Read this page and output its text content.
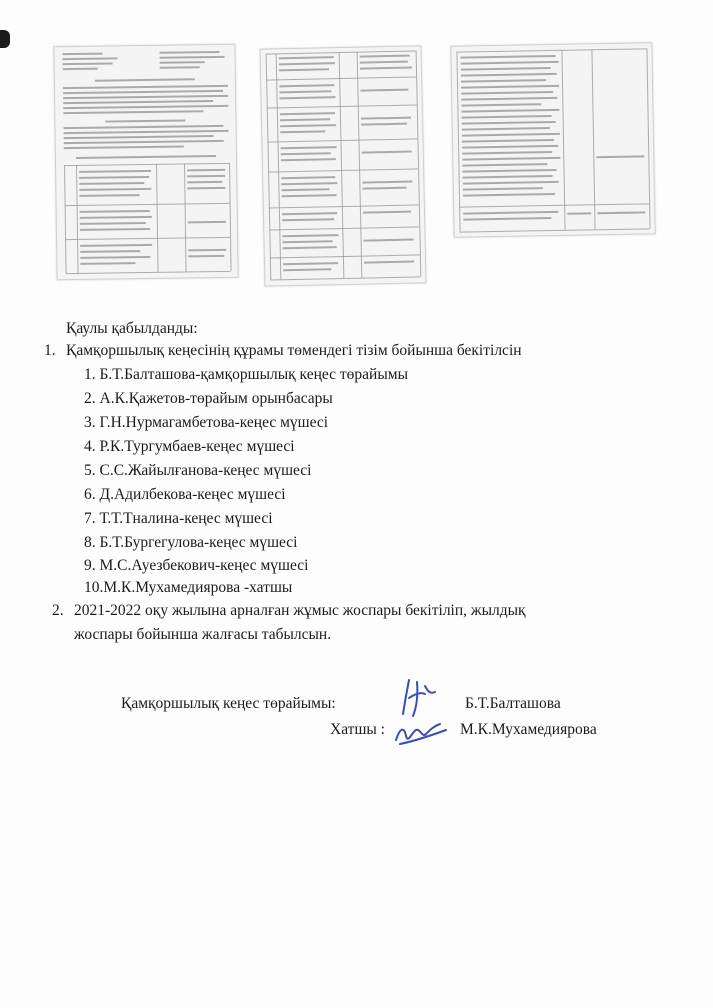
Қаулы қабылданды:
1. Қамқоршылық кеңесінің құрамы төмендегі тізім бойынша бекітілсін
1. Б.Т.Балташова-қамқоршылық кеңес төрайымы
2. А.К.Қажетов-төрайым орынбасары
3. Г.Н.Нурмагамбетова-кеңес мүшесі
4. Р.К.Тургумбаев-кеңес мүшесі
5. С.С.Жайылғанова-кеңес мүшесі
6. Д.Адилбекова-кеңес мүшесі
7. Т.Т.Тналина-кеңес мүшесі
8. Б.Т.Бургегулова-кеңес мүшесі
9. М.С.Ауезбекович-кеңес мүшесі
10.М.К.Мухамедиярова -хатшы
2. 2021-2022 оқу жылына арналған жұмыс жоспары бекітіліп, жылдық
жоспары бойынша жалғасы табылсын.
Қамқоршылық кеңес төрайымы:	Б.Т.Балташова
Хатшы :	М.К.Мухамедиярова
